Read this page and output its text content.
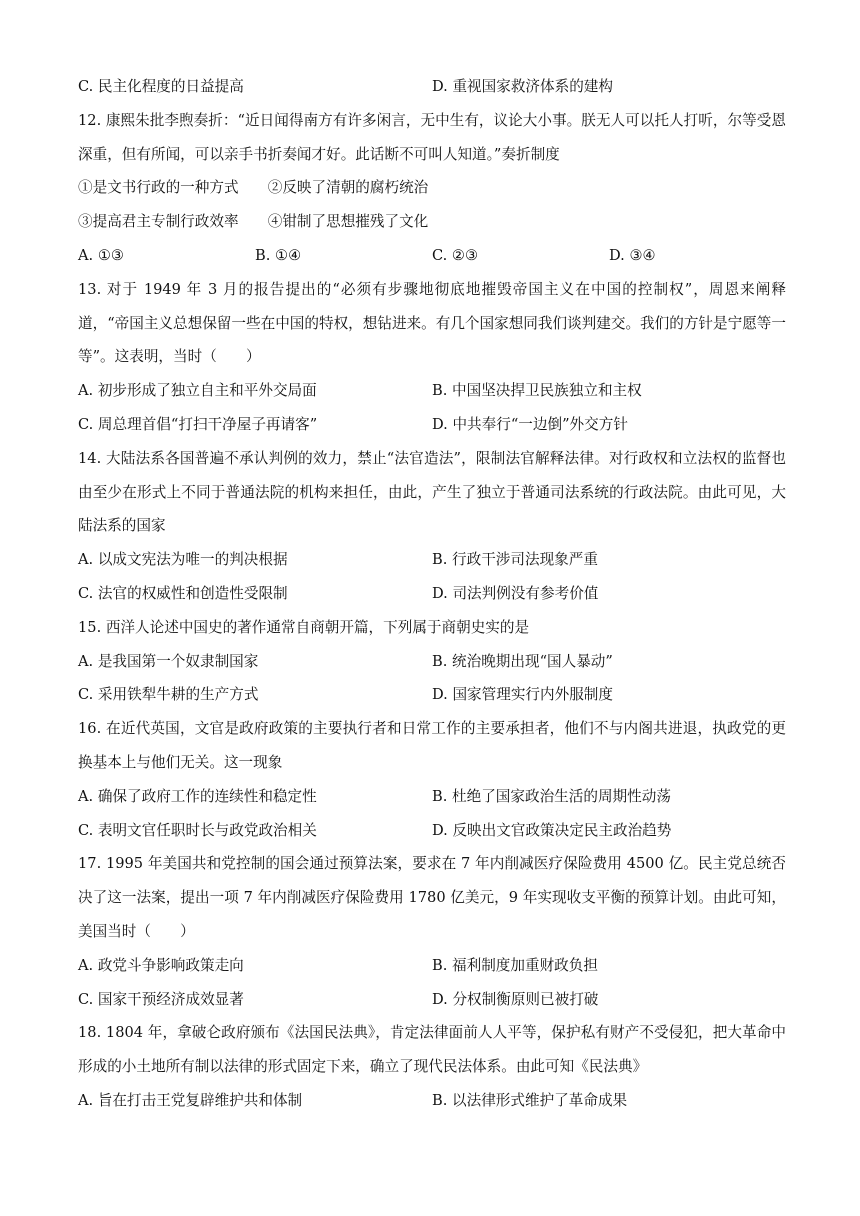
C. 民主化程度的日益提高	D. 重视国家救济体系的建构
12. 康熙朱批李煦奏折：“近日闻得南方有许多闲言，无中生有，议论大小事。朕无人可以托人打听，尔等受恩深重，但有所闻，可以亲手书折奏闻才好。此话断不可叫人知道。”奏折制度
①是文书行政的一种方式　　②反映了清朝的腐朽统治
③提高君主专制行政效率　　④钳制了思想摧残了文化
A. ①③	B. ①④	C. ②③	D. ③④
13. 对于 1949 年 3 月的报告提出的“必须有步骤地彻底地摧毁帝国主义在中国的控制权”，周恩来阐释道，“帝国主义总想保留一些在中国的特权，想钻进来。有几个国家想同我们谈判建交。我们的方针是宁愿等一等”。这表明，当时（　　）
A. 初步形成了独立自主和平外交局面	B. 中国坚决捍卫民族独立和主权
C. 周总理首倡“打扫干净屋子再请客”	D. 中共奉行“一边倒”外交方针
14. 大陆法系各国普遍不承认判例的效力，禁止“法官造法”，限制法官解释法律。对行政权和立法权的监督也由至少在形式上不同于普通法院的机构来担任，由此，产生了独立于普通司法系统的行政法院。由此可见，大陆法系的国家
A. 以成文宪法为唯一的判决根据	B. 行政干涉司法现象严重
C. 法官的权威性和创造性受限制	D. 司法判例没有参考价值
15. 西洋人论述中国史的著作通常自商朝开篇，下列属于商朝史实的是
A. 是我国第一个奴隶制国家	B. 统治晚期出现“国人暴动”
C. 采用铁犁牛耕的生产方式	D. 国家管理实行内外服制度
16. 在近代英国，文官是政府政策的主要执行者和日常工作的主要承担者，他们不与内阁共进退，执政党的更换基本上与他们无关。这一现象
A. 确保了政府工作的连续性和稳定性	B. 杜绝了国家政治生活的周期性动荡
C. 表明文官任职时长与政党政治相关	D. 反映出文官政策决定民主政治趋势
17. 1995 年美国共和党控制的国会通过预算法案，要求在 7 年内削减医疗保险费用 4500 亿。民主党总统否决了这一法案，提出一项 7 年内削减医疗保险费用 1780 亿美元，9 年实现收支平衡的预算计划。由此可知，美国当时（　　）
A. 政党斗争影响政策走向	B. 福利制度加重财政负担
C. 国家干预经济成效显著	D. 分权制衡原则已被打破
18. 1804 年，拿破仑政府颁布《法国民法典》，肯定法律面前人人平等，保护私有财产不受侵犯，把大革命中形成的小土地所有制以法律的形式固定下来，确立了现代民法体系。由此可知《民法典》
A. 旨在打击王党复辟维护共和体制	B. 以法律形式维护了革命成果
